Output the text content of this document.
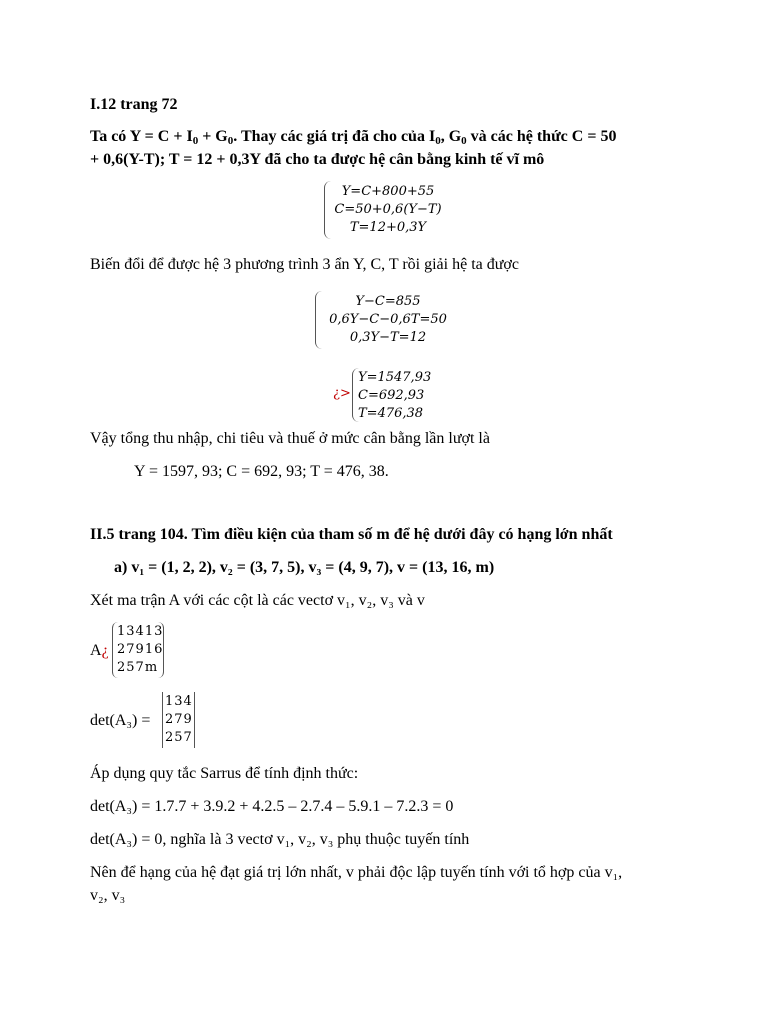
I.12 trang 72
Ta có $Y = C + I_0 + G_0$. Thay các giá trị đã cho của $I_0$, $G_0$ và các hệ thức C = 50
+ 0,6(Y-T); T = 12 + 0,3Y đã cho ta được hệ cân bằng kinh tế vĩ mô
Y=C+800+55
C=50+0,6(Y−T)
T=12+0,3Y
Biến đổi để được hệ 3 phương trình 3 ẩn Y, C, T rồi giải hệ ta được
Y−C=855
0,6Y−C−0,6T=50
0,3Y−T=12
¿>
Y=1547,93
C=692,93
T=476,38
Vậy tổng thu nhập, chi tiêu và thuế ở mức cân bằng lần lượt là
Y = 1597, 93; C = 692, 93; T = 476, 38.
II.5 trang 104. Tìm điều kiện của tham số m để hệ dưới đây có hạng lớn nhất
a) v₁ = (1, 2, 2), v₂ = (3, 7, 5), v₃ = (4, 9, 7), v = (13, 16, m)
Xét ma trận A với các cột là các vectơ v₁, v₂, v₃ và v
A¿
13413
27916
257m
det(A₃) =
134
279
257
Áp dụng quy tắc Sarrus để tính định thức:
det(A₃) = 1.7.7 + 3.9.2 + 4.2.5 – 2.7.4 – 5.9.1 – 7.2.3 = 0
det(A₃) = 0, nghĩa là 3 vectơ v₁, v₂, v₃ phụ thuộc tuyến tính
Nên để hạng của hệ đạt giá trị lớn nhất, v phải độc lập tuyến tính với tổ hợp của v₁,
v₂, v₃
